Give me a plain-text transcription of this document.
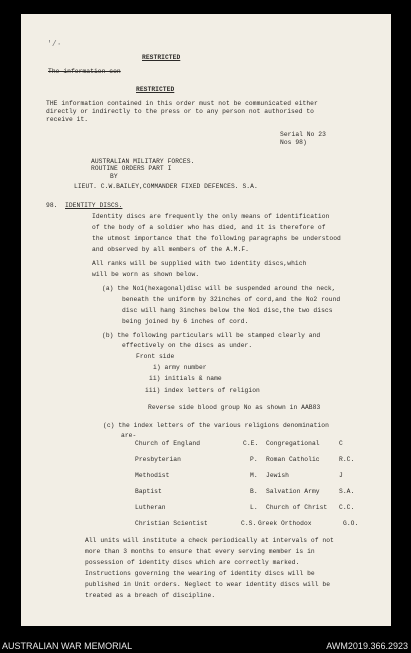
'/·
RESTRICTED
The information con
RESTRICTED
THE information contained in this order must not be communicated either
directly or indirectly to the press or to any person not authorised to
receive it.
Serial No 23
Nos 98)
AUSTRALIAN MILITARY FORCES.
ROUTINE ORDERS PART I
BY
LIEUT. C.W.BAILEY,COMMANDER FIXED DEFENCES. S.A.
98. IDENTITY DISCS.
Identity discs are frequently the only means of identification
of the body of a soldier who has died, and it is therefore of
the utmost importance that the following paragraphs be understood
and observed by all members of the A.M.F.
All ranks will be supplied with two identity discs,which
will be worn as shown below.
(a) the No1(hexagonal)disc will be suspended around the neck,
beneath the uniform by 32inches of cord,and the No2 round
disc will hang 3inches below the No1 disc,the two discs
being joined by 6 inches of cord.
(b) the following particulars will be stamped clearly and
effectively on the discs as under.
Front side
i) army number
ii) initials & name
iii) index letters of religion
Reverse side blood group No as shown in AAB83
(c) the index letters of the various religions denomination
are-
Church of England	C.E. Congregational	C
Presbyterian	P. Roman Catholic	R.C.
Methodist	M. Jewish	J
Baptist	B. Salvation Army	S.A.
Lutheran	L. Church of Christ C.C.
Christian Scientist	C.S. Greek Orthodox	G.O.
All units will institute a check periodically at intervals of not
more than 3 months to ensure that every serving member is in
possession of identity discs which are correctly marked.
Instructions governing the wearing of identity discs will be
published in Unit orders. Neglect to wear identity discs will be
treated as a breach of discipline.
AUSTRALIAN WAR MEMORIAL	AWM2019.366.2923
